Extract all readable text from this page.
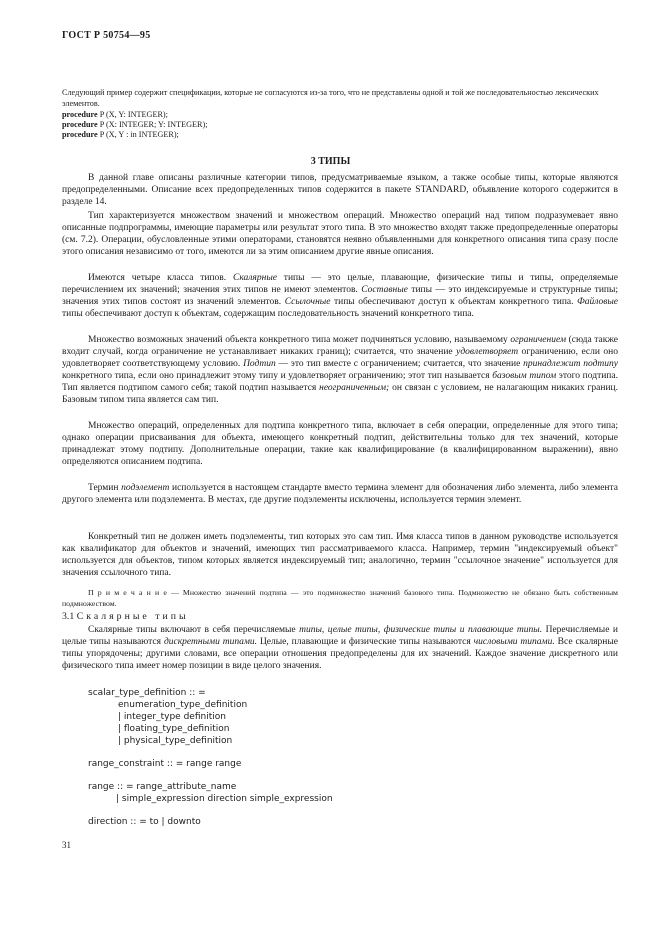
ГОСТ Р 50754—95
Следующий пример содержит спецификации, которые не согласуются из-за того, что не представлены одной и той же последовательностью лексических элементов.
procedure P (X, Y: INTEGER);
procedure P (X: INTEGER; Y: INTEGER);
procedure P (X, Y : in INTEGER);
3 ТИПЫ
В данной главе описаны различные категории типов, предусматриваемые языком, а также особые типы, которые являются предопределенными. Описание всех предопределенных типов содержится в пакете STANDARD, объявление которого содержится в разделе 14.
Тип характеризуется множеством значений и множеством операций. Множество операций над типом подразумевает явно описанные подпрограммы, имеющие параметры или результат этого типа. В это множество входят также предопределенные операторы (см. 7.2). Операции, обусловленные этими операторами, становятся неявно объявленными для конкретного описания типа сразу после этого описания независимо от того, имеются ли за этим описанием другие явные описания.
Имеются четыре класса типов. Скалярные типы — это целые, плавающие, физические типы и типы, определяемые перечислением их значений; значения этих типов не имеют элементов. Составные типы — это индексируемые и структурные типы; значения этих типов состоят из значений элементов. Ссылочные типы обеспечивают доступ к объектам конкретного типа. Файловые типы обеспечивают доступ к объектам, содержащим последовательность значений конкретного типа.
Множество возможных значений объекта конкретного типа может подчиняться условию, называемому ограничением (сюда также входит случай, когда ограничение не устанавливает никаких границ); считается, что значение удовлетворяет ограничению, если оно удовлетворяет соответствующему условию. Подтип — это тип вместе с ограничением; считается, что значение принадлежит подтипу конкретного типа, если оно принадлежит этому типу и удовлетворяет ограничению; этот тип называется базовым типом этого подтипа. Тип является подтипом самого себя; такой подтип называется неограниченным; он связан с условием, не налагающим никаких границ. Базовым типом типа является сам тип.
Множество операций, определенных для подтипа конкретного типа, включает в себя операции, определенные для этого типа; однако операции присваивания для объекта, имеющего конкретный подтип, действительны только для тех значений, которые принадлежат этому подтипу. Дополнительные операции, такие как квалифицирование (в квалифицированном выражении), явно определяются описанием подтипа.
Термин подэлемент используется в настоящем стандарте вместо термина элемент для обозначения либо элемента, либо элемента другого элемента или подэлемента. В местах, где другие подэлементы исключены, используется термин элемент.
Конкретный тип не должен иметь подэлементы, тип которых это сам тип. Имя класса типов в данном руководстве используется как квалификатор для объектов и значений, имеющих тип рассматриваемого класса. Например, термин "индексируемый объект" используется для объектов, типом которых является индексируемый тип; аналогично, термин "ссылочное значение" используется для значения ссылочного типа.
П р и м е ч а н и е — Множество значений подтипа — это подмножество значений базового типа. Подмножество не обязано быть собственным подмножеством.
3.1 Скалярные типы
Скалярные типы включают в себя перечисляемые типы, целые типы, физические типы и плавающие типы. Перечисляемые и целые типы называются дискретными типами. Целые, плавающие и физические типы называются числовыми типами. Все скалярные типы упорядочены; другими словами, все операции отношения предопределены для их значений. Каждое значение дискретного или физического типа имеет номер позиции в виде целого значения.
scalar_type_definition :: =
enumeration_type_definition
| integer_type definition
| floating_type_definition
| physical_type_definition
range_constraint :: = range range
range :: = range_attribute_name
| simple_expression direction simple_expression
direction :: = to | downto
31
